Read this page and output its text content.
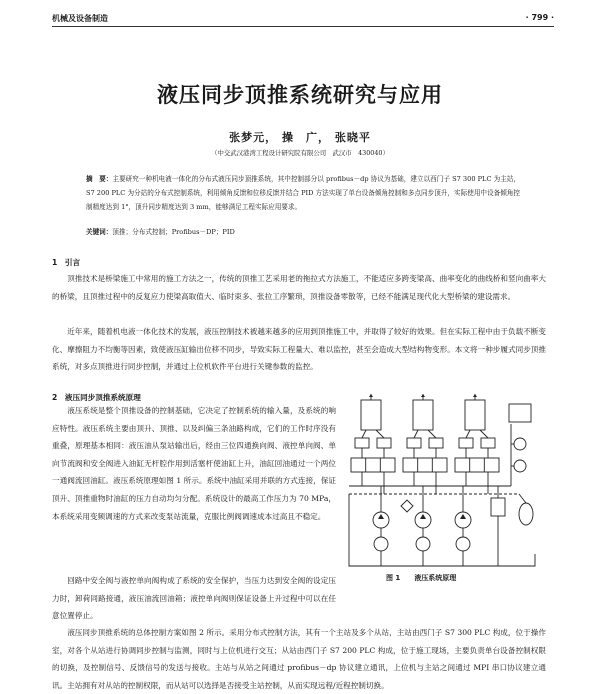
机械及设备制造	· 799 ·
液压同步顶推系统研究与应用
张梦元， 操　广， 张晓平
（中交武汉港湾工程设计研究院有限公司　武汉市　430040）
摘　要：主要研究一种机电液一体化的分布式液压同步顶推系统，其中控制部分以 profibus－dp 协议为基础，建立以西门子 S7 300 PLC 为主站，S7 200 PLC 为分站的分布式控制系统，利用倾角反馈和位移反馈并结合 PID 方法实现了单台设备倾角控制和多点同步顶升，实际使用中设备倾角控制精度达到 1°，顶升同步精度达到 3 mm，能够满足工程实际应用要求。
关键词：顶推；分布式控制；Profibus－DP；PID
1　引言

顶推技术是桥梁施工中常用的施工方法之一，传统的顶推工艺采用老的拖拉式方法施工，不能适应多跨变梁高、曲率变化的曲线桥和竖向曲率大的桥梁，且顶推过程中的反复应力使梁高取值大、临时束多、张拉工序繁琐，顶推设备零散等，已经不能满足现代化大型桥梁的建设需求。

近年来，随着机电液一体化技术的发展，液压控制技术被越来越多的应用到顶推施工中，并取得了较好的效果。但在实际工程中由于负载不断变化、摩擦阻力不均衡等因素，致使液压缸输出位移不同步，导致实际工程量大、难以监控，甚至会造成大型结构物变形。本文将一种步履式同步顶推系统，对多点顶推进行同步控制，并通过上位机软件平台进行关键参数的监控。

2　液压同步顶推系统原理

液压系统是整个顶推设备的控制基础，它决定了控制系统的输入量，及系统的响应特性。液压系统主要由顶升、顶推、以及纠偏三条油路构成，它们的工作时序没有重叠，原理基本相同：液压油从泵站输出后，经由三位四通换向阀、液控单向阀、单向节流阀和安全阀进入油缸无杆腔作用到活塞杆使油缸上升，油缸回油通过一个两位一通阀流回油缸。液压系统原理如图 1 所示。系统中油缸采用并联的方式连接，保证顶升、顶推重物时油缸的压力自动均匀分配。系统设计的最高工作压力为 70 MPa，本系统采用变频调速的方式来改变泵站流量，克服比例阀调速成本过高且不稳定。

回路中安全阀与液控单向阀构成了系统的安全保护，当压力达到安全阀的设定压力时，卸荷同路接通，液压油流回油箱；液控单向阀则保证设备上升过程中可以在任意位置停止。

液压同步顶推系统的总体控制方案如图 2 所示。采用分布式控制方法，其有一个主站及多个从站，主站由西门子 S7 300 PLC 构成，位于操作室，对各个从站进行协调同步控制与监测，同时与上位机进行交互；从站由西门子 S7 200 PLC 构成，位于施工现场，主要负责单台设备控制权限的切换，及控制信号、反馈信号的发送与接收。主站与从站之间通过 profibus－dp 协议建立通讯，上位机与主站之间通过 MPI 串口协议建立通讯。主站拥有对从站的控制权限，而从站可以选择是否接受主站控制，从而实现远程/近程控制切换。

图 1 液压系统原理
